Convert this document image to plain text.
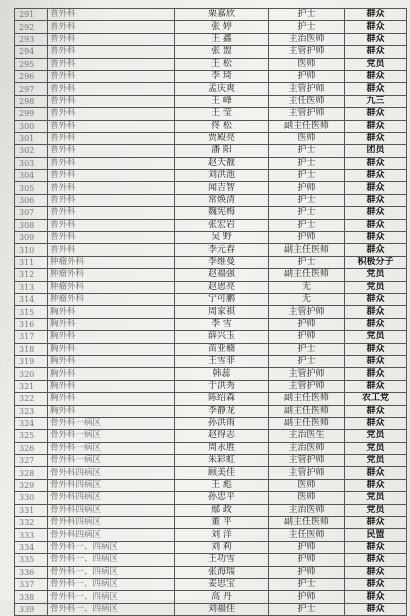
291	普外科	栗嘉欣	护士	群众
292	普外科	张 婷	护士	群众
293	普外科	王 鑫	主治医师	群众
294	普外科	张 盟	主管护师	群众
295	普外科	王 松	医师	党员
296	普外科	李 琦	护师	群众
297	普外科	孟庆爽	主管护师	群众
298	普外科	王 峰	主任医师	九三
299	普外科	王 莹	主管护师	群众
300	普外科	佟 松	副主任医师	群众
301	普外科	贾殿亮	医师	群众
302	普外科	潘 阳	护士	团员
303	普外科	赵天靓	护士	群众
304	普外科	刘洪池	护士	群众
305	普外科	闻吉智	护师	群众
306	普外科	常焕清	护士	群众
307	普外科	魏宪梅	护士	群众
308	普外科	张宏岩	护士	群众
309	普外科	吴 野	护师	群众
310	普外科	李元春	副主任医师	群众
311	肿瘤外科	李维曼	护士	积极分子
312	肿瘤外科	赵福强	副主任医师	党员
313	肿瘤外科	赵恩亮	无	党员
314	肿瘤外科	宁可鹏	无	群众
315	胸外科	周家祺	主管护师	群众
316	胸外科	李 雪	护师	群众
317	胸外科	薛兴玉	护师	党员
318	胸外科	苗亚楠	护士	群众
319	胸外科	王雪菲	护士	群众
320	胸外科	韩蕊	主管护师	群众
321	胸外科	于洪秀	主管护师	群众
322	胸外科	陈绍森	副主任医师	农工党
323	胸外科	李静龙	副主任医师	群众
324	骨外科一病区	孙洪雨	副主任医师	群众
325	骨外科一病区	赵得志	主治医生	党员
326	骨外科一病区	周永胜	主治医师	党员
327	骨外科一病区	朱彩虹	主管护师	党员
328	骨外科四病区	顾美佳	主管护师	群众
329	骨外科四病区	王 彪	医师	群众
330	骨外科四病区	孙忠平	医师	党员
331	骨外科四病区	鄢 政	主治医师	党员
332	骨外科四病区	董 平	副主任医师	群众
333	骨外科四病区	刘 洋	主任医师	民盟
334	骨外科一、四病区	刘 莉	护师	群众
335	骨外科一、四病区	王功雪	护师	群众
336	骨外科一、四病区	张海瑞	护师	群众
337	骨外科一、四病区	姜思宝	护士	群众
338	骨外科一、四病区	高 丹	护师	群众
339	骨外科一、四病区	刘福佳	护士	群众
